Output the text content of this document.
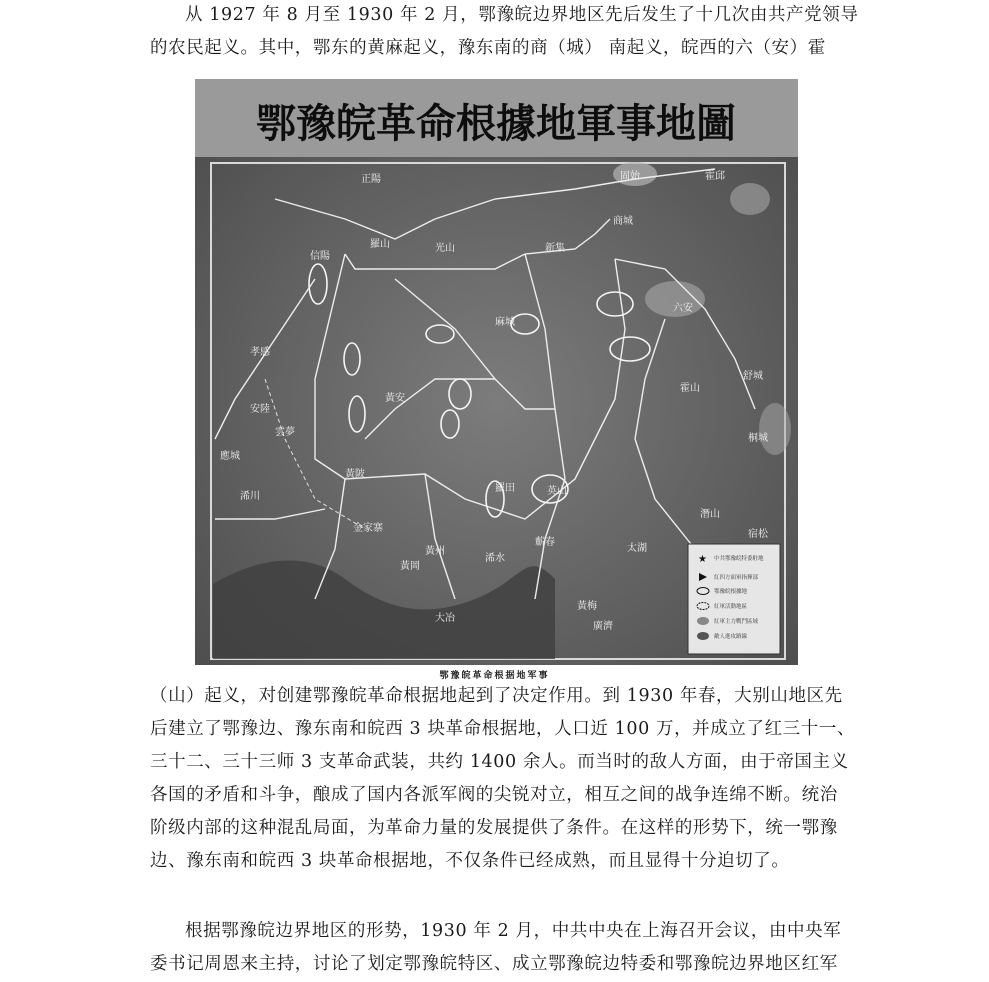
从 1927 年 8 月至 1930 年 2 月，鄂豫皖边界地区先后发生了十几次由共产党领导
的农民起义。其中，鄂东的黄麻起义，豫东南的商（城） 南起义，皖西的六（安）霍
鄂豫皖革命根據地軍事地圖
正陽
信陽
羅山	光山	新集
固始	霍邱
商城
六安
霍山
舒城
桐城
潛山
太湖
宿松
黃梅
廣濟
浠水
羅田	英山
黃安
麻城
黃陂
孝感
安陸
應城
雲夢
黃州
大冶
蘄春
浠川
黃岡
金家寨
★ 中共鄂豫皖特委駐地
紅四方面軍指揮部
鄂豫皖根據地
紅軍活動地區
紅軍主力戰鬥區域
敵人進攻路線
鄂豫皖革命根据地军事
（山）起义，对创建鄂豫皖革命根据地起到了决定作用。到 1930 年春，大别山地区先
后建立了鄂豫边、豫东南和皖西 3 块革命根据地，人口近 100 万，并成立了红三十一、
三十二、三十三师 3 支革命武装，共约 1400 余人。而当时的敌人方面，由于帝国主义
各国的矛盾和斗争，酿成了国内各派军阀的尖锐对立，相互之间的战争连绵不断。统治
阶级内部的这种混乱局面，为革命力量的发展提供了条件。在这样的形势下，统一鄂豫
边、豫东南和皖西 3 块革命根据地，不仅条件已经成熟，而且显得十分迫切了。
根据鄂豫皖边界地区的形势，1930 年 2 月，中共中央在上海召开会议，由中央军
委书记周恩来主持，讨论了划定鄂豫皖特区、成立鄂豫皖边特委和鄂豫皖边界地区红军
